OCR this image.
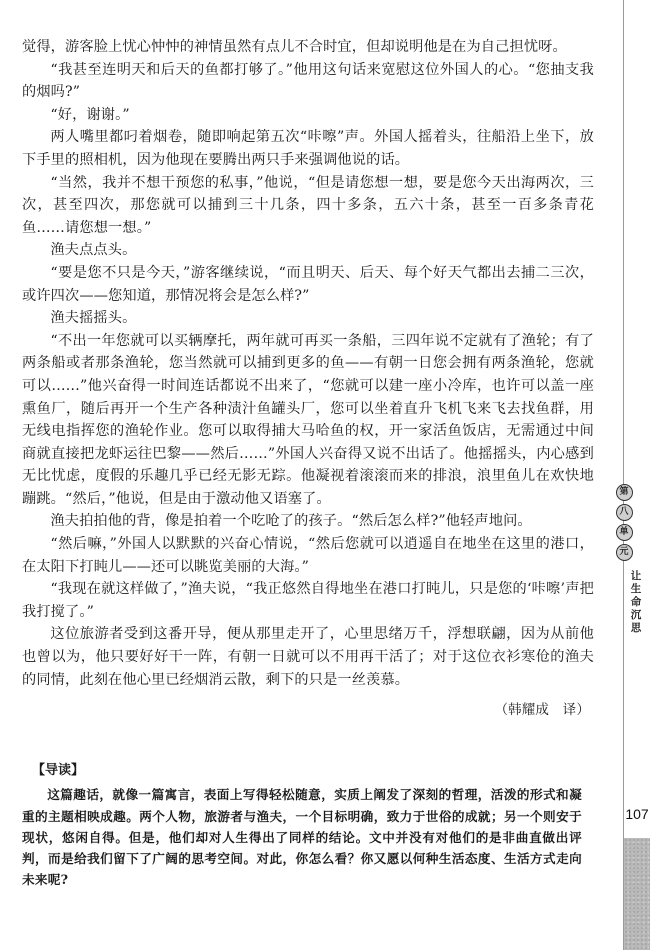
觉得，游客脸上忧心忡忡的神情虽然有点儿不合时宜，但却说明他是在为自己担忧呀。

“我甚至连明天和后天的鱼都打够了。”他用这句话来宽慰这位外国人的心。“您抽支我的烟吗?”

“好，谢谢。”

两人嘴里都叼着烟卷，随即响起第五次“咔嚓”声。外国人摇着头，往船沿上坐下，放下手里的照相机，因为他现在要腾出两只手来强调他说的话。

“当然，我并不想干预您的私事，”他说，“但是请您想一想，要是您今天出海两次，三次，甚至四次，那您就可以捕到三十几条，四十多条，五六十条，甚至一百多条青花鱼……请您想一想。”

渔夫点点头。

“要是您不只是今天，”游客继续说，“而且明天、后天、每个好天气都出去捕二三次，或许四次——您知道，那情况将会是怎么样?”

渔夫摇摇头。

“不出一年您就可以买辆摩托，两年就可再买一条船，三四年说不定就有了渔轮；有了两条船或者那条渔轮，您当然就可以捕到更多的鱼——有朝一日您会拥有两条渔轮，您就可以……”他兴奋得一时间连话都说不出来了，“您就可以建一座小冷库，也许可以盖一座熏鱼厂，随后再开一个生产各种渍汁鱼罐头厂，您可以坐着直升飞机飞来飞去找鱼群，用无线电指挥您的渔轮作业。您可以取得捕大马哈鱼的权，开一家活鱼饭店，无需通过中间商就直接把龙虾运往巴黎——然后……”外国人兴奋得又说不出话了。他摇摇头，内心感到无比忧虑，度假的乐趣几乎已经无影无踪。他凝视着滚滚而来的排浪，浪里鱼儿在欢快地蹦跳。“然后，”他说，但是由于激动他又语塞了。

渔夫拍拍他的背，像是拍着一个吃呛了的孩子。“然后怎么样?”他轻声地问。

“然后嘛，”外国人以默默的兴奋心情说，“然后您就可以逍遥自在地坐在这里的港口，在太阳下打盹儿——还可以眺览美丽的大海。”

“我现在就这样做了，”渔夫说，“我正悠然自得地坐在港口打盹儿，只是您的‘咔嚓’声把我打搅了。”

这位旅游者受到这番开导，便从那里走开了，心里思绪万千，浮想联翩，因为从前他也曾以为，他只要好好干一阵，有朝一日就可以不用再干活了；对于这位衣衫寒伧的渔夫的同情，此刻在他心里已经烟消云散，剩下的只是一丝羡慕。

（韩耀成　译）

【导读】

这篇趣话，就像一篇寓言，表面上写得轻松随意，实质上阐发了深刻的哲理，活泼的形式和凝重的主题相映成趣。两个人物，旅游者与渔夫，一个目标明确，致力于世俗的成就；另一个则安于现状，悠闲自得。但是，他们却对人生得出了同样的结论。文中并没有对他们的是非曲直做出评判，而是给我们留下了广阔的思考空间。对此，你怎么看？你又愿以何种生活态度、生活方式走向未来呢?

第
八
单
元
让生命沉思
107
